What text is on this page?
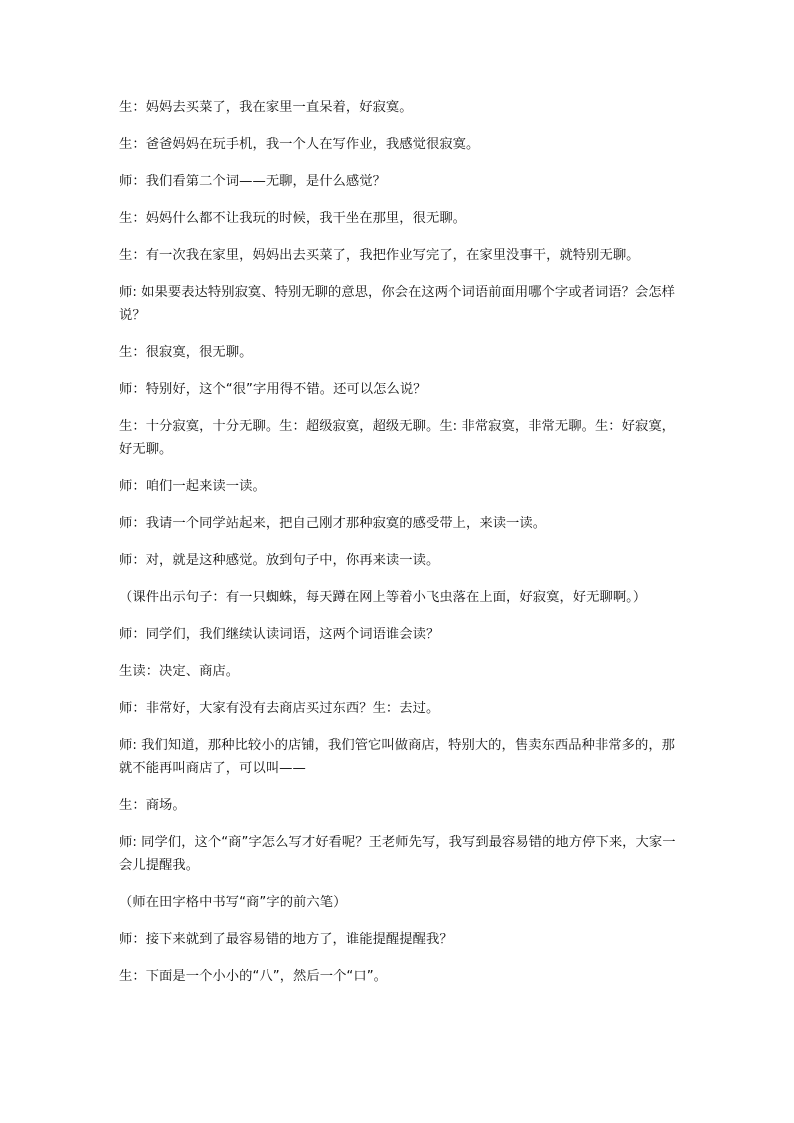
生：妈妈去买菜了，我在家里一直呆着，好寂寞。

生：爸爸妈妈在玩手机，我一个人在写作业，我感觉很寂寞。

师：我们看第二个词——无聊，是什么感觉？

生：妈妈什么都不让我玩的时候，我干坐在那里，很无聊。

生：有一次我在家里，妈妈出去买菜了，我把作业写完了，在家里没事干，就特别无聊。

师: 如果要表达特别寂寞、特别无聊的意思，你会在这两个词语前面用哪个字或者词语？会怎样说？

生：很寂寞，很无聊。

师：特别好，这个“很”字用得不错。还可以怎么说？

生：十分寂寞，十分无聊。生：超级寂寞，超级无聊。生: 非常寂寞，非常无聊。生：好寂寞，好无聊。

师：咱们一起来读一读。

师：我请一个同学站起来，把自己刚才那种寂寞的感受带上，来读一读。

师：对，就是这种感觉。放到句子中，你再来读一读。

（课件出示句子：有一只蜘蛛，每天蹲在网上等着小飞虫落在上面，好寂寞，好无聊啊。）

师：同学们，我们继续认读词语，这两个词语谁会读？

生读：决定、商店。

师：非常好，大家有没有去商店买过东西？生：去过。

师: 我们知道，那种比较小的店铺，我们管它叫做商店，特别大的，售卖东西品种非常多的，那就不能再叫商店了，可以叫——

生：商场。

师: 同学们，这个“商”字怎么写才好看呢？王老师先写，我写到最容易错的地方停下来，大家一会儿提醒我。

（师在田字格中书写“商”字的前六笔）

师：接下来就到了最容易错的地方了，谁能提醒提醒我？

生：下面是一个小小的“八”，然后一个“口”。
